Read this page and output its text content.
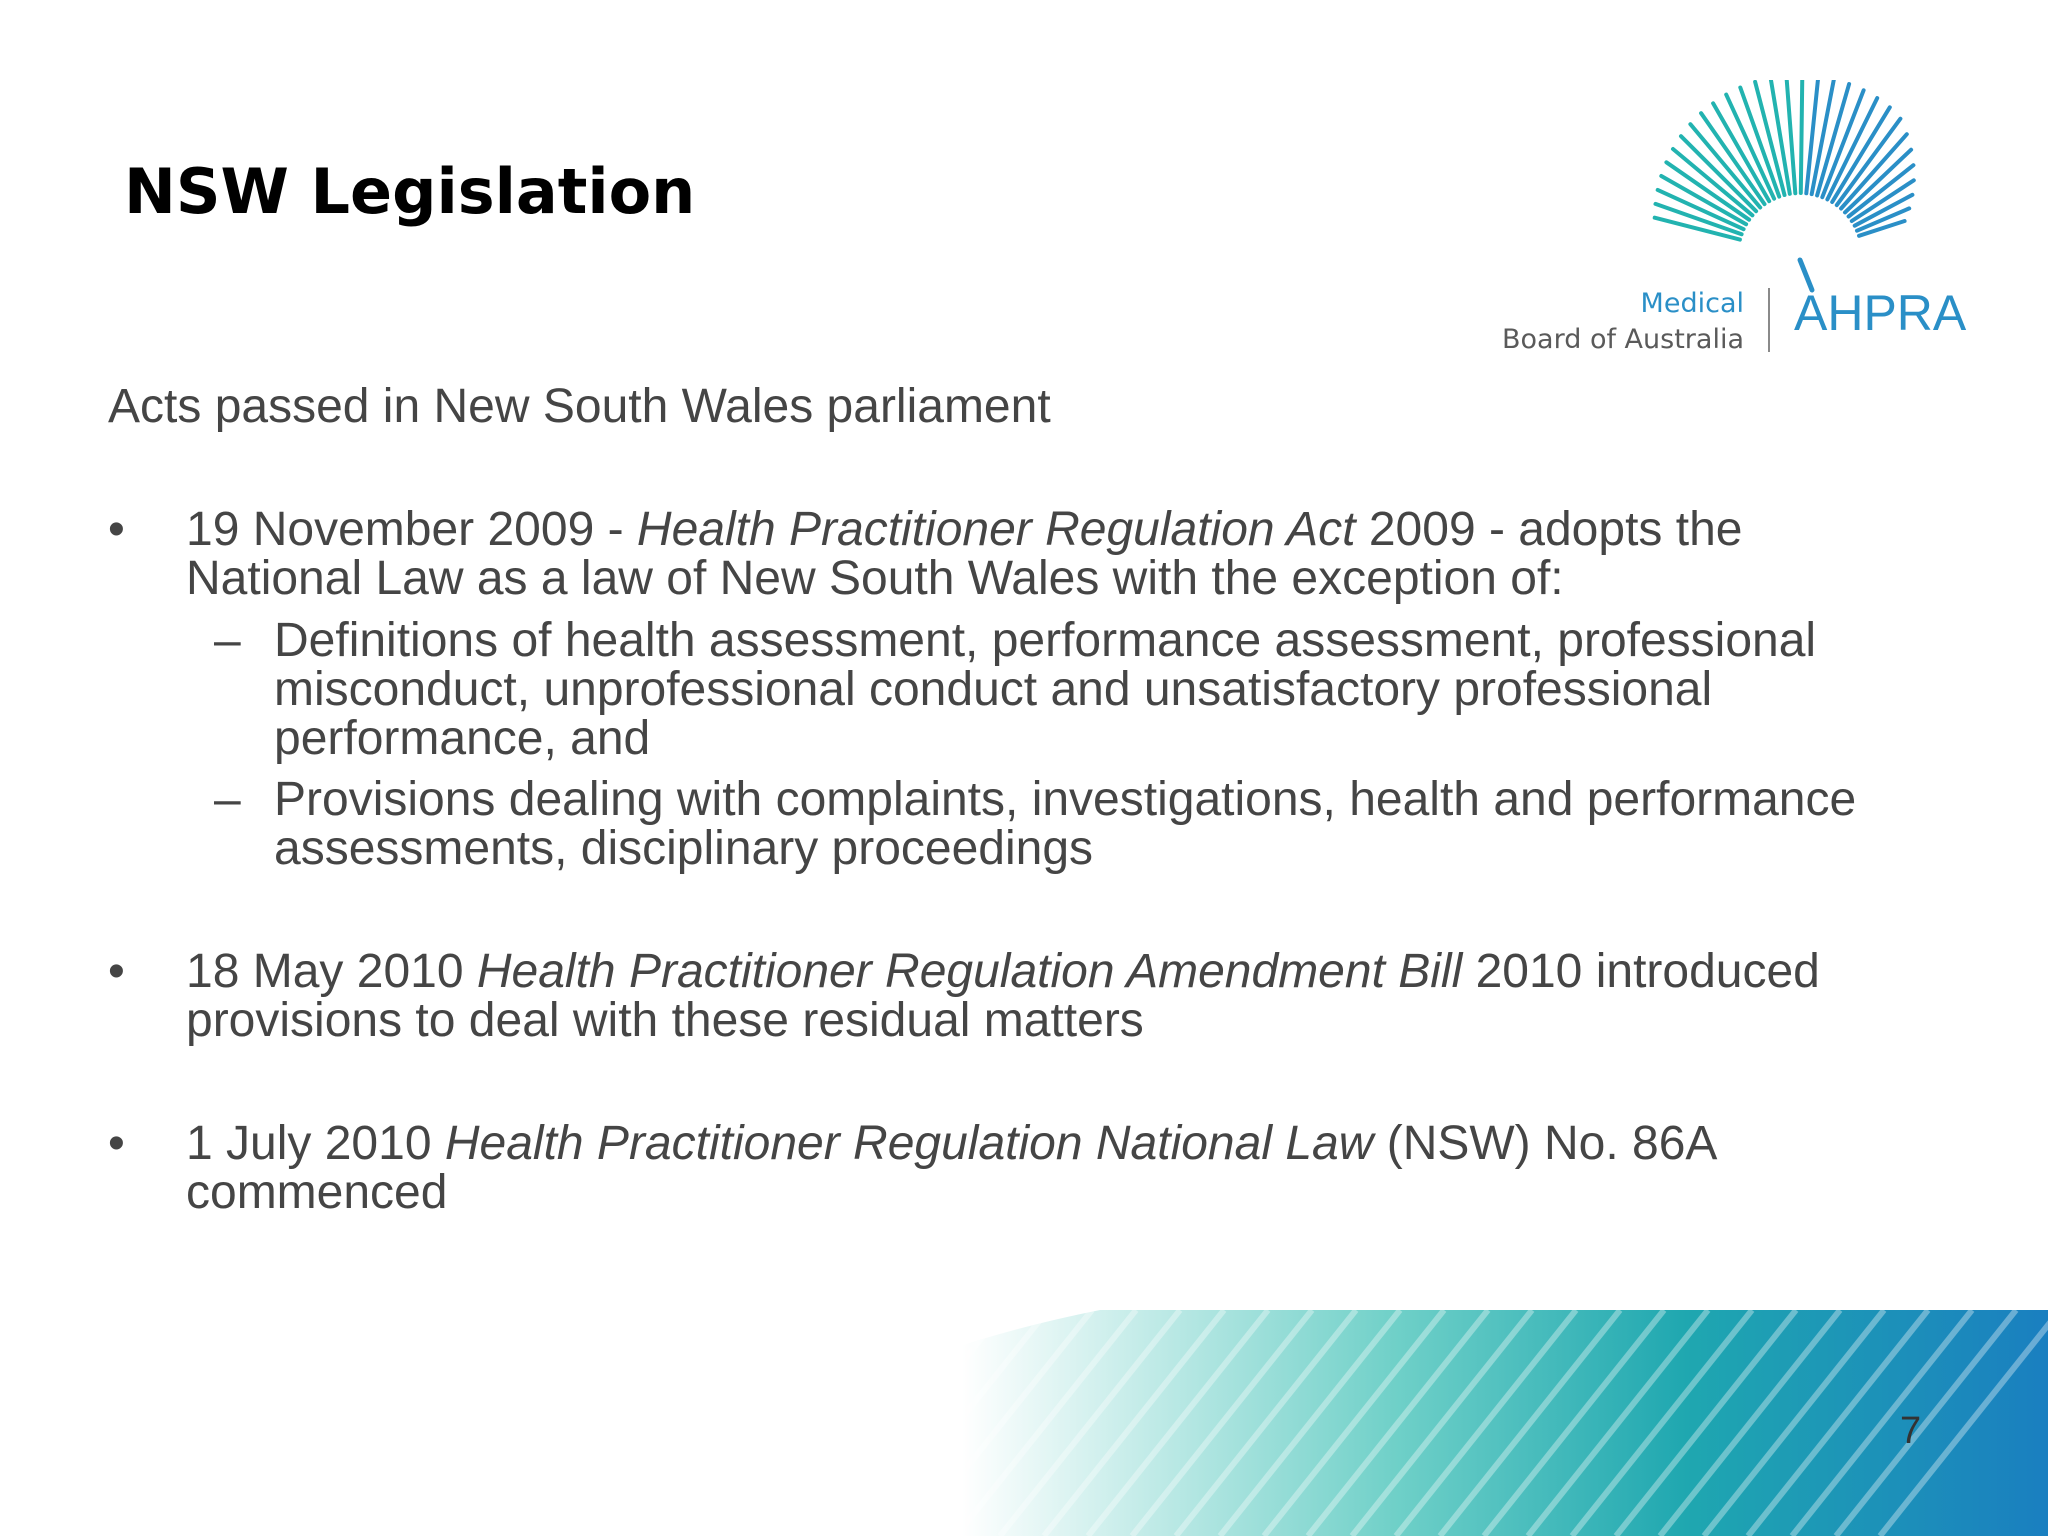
NSW Legislation
Medical
Board of Australia AHPRA

Acts passed in New South Wales parliament

• 19 November 2009 - Health Practitioner Regulation Act 2009 - adopts the National Law as a law of New South Wales with the exception of:
– Definitions of health assessment, performance assessment, professional misconduct, unprofessional conduct and unsatisfactory professional performance, and
– Provisions dealing with complaints, investigations, health and performance assessments, disciplinary proceedings
• 18 May 2010 Health Practitioner Regulation Amendment Bill 2010 introduced provisions to deal with these residual matters
• 1 July 2010 Health Practitioner Regulation National Law (NSW) No. 86A commenced
7
